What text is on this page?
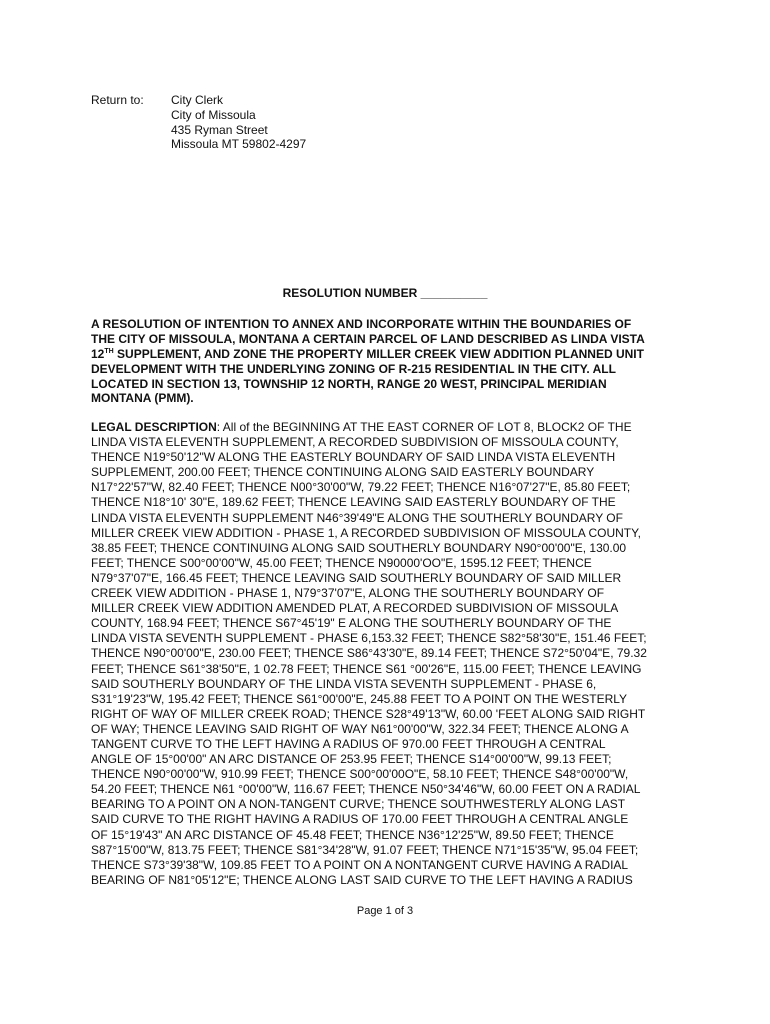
Return to:	City Clerk
City of Missoula
435 Ryman Street
Missoula MT 59802-4297
RESOLUTION NUMBER __________
A RESOLUTION OF INTENTION TO ANNEX AND INCORPORATE WITHIN THE BOUNDARIES OF
THE CITY OF MISSOULA, MONTANA A CERTAIN PARCEL OF LAND DESCRIBED AS LINDA VISTA
12TH SUPPLEMENT, AND ZONE THE PROPERTY MILLER CREEK VIEW ADDITION PLANNED UNIT
DEVELOPMENT WITH THE UNDERLYING ZONING OF R-215 RESIDENTIAL IN THE CITY. ALL
LOCATED IN SECTION 13, TOWNSHIP 12 NORTH, RANGE 20 WEST, PRINCIPAL MERIDIAN
MONTANA (PMM).
LEGAL DESCRIPTION: All of the BEGINNING AT THE EAST CORNER OF LOT 8, BLOCK2 OF THE
LINDA VISTA ELEVENTH SUPPLEMENT, A RECORDED SUBDIVISION OF MISSOULA COUNTY,
THENCE N19°50'12"W ALONG THE EASTERLY BOUNDARY OF SAID LINDA VISTA ELEVENTH
SUPPLEMENT, 200.00 FEET; THENCE CONTINUING ALONG SAID EASTERLY BOUNDARY
N17°22'57"W, 82.40 FEET; THENCE N00°30'00"W, 79.22 FEET; THENCE N16°07'27"E, 85.80 FEET;
THENCE N18°10' 30"E, 189.62 FEET; THENCE LEAVING SAID EASTERLY BOUNDARY OF THE
LINDA VISTA ELEVENTH SUPPLEMENT N46°39'49"E ALONG THE SOUTHERLY BOUNDARY OF
MILLER CREEK VIEW ADDITION - PHASE 1, A RECORDED SUBDIVISION OF MISSOULA COUNTY,
38.85 FEET; THENCE CONTINUING ALONG SAID SOUTHERLY BOUNDARY N90°00'00"E, 130.00
FEET; THENCE S00°00'00"W, 45.00 FEET; THENCE N90000'OO"E, 1595.12 FEET; THENCE
N79°37'07"E, 166.45 FEET; THENCE LEAVING SAID SOUTHERLY BOUNDARY OF SAID MILLER
CREEK VIEW ADDITION - PHASE 1, N79°37'07"E, ALONG THE SOUTHERLY BOUNDARY OF
MILLER CREEK VIEW ADDITION AMENDED PLAT, A RECORDED SUBDIVISION OF MISSOULA
COUNTY, 168.94 FEET; THENCE S67°45'19" E ALONG THE SOUTHERLY BOUNDARY OF THE
LINDA VISTA SEVENTH SUPPLEMENT - PHASE 6,153.32 FEET; THENCE S82°58'30"E, 151.46 FEET;
THENCE N90°00'00"E, 230.00 FEET; THENCE S86°43'30"E, 89.14 FEET; THENCE S72°50'04"E, 79.32
FEET; THENCE S61°38'50"E, 1 02.78 FEET; THENCE S61 °00'26"E, 115.00 FEET; THENCE LEAVING
SAID SOUTHERLY BOUNDARY OF THE LINDA VISTA SEVENTH SUPPLEMENT - PHASE 6,
S31°19'23"W, 195.42 FEET; THENCE S61°00'00"E, 245.88 FEET TO A POINT ON THE WESTERLY
RIGHT OF WAY OF MILLER CREEK ROAD; THENCE S28°49'13"W, 60.00 'FEET ALONG SAID RIGHT
OF WAY; THENCE LEAVING SAID RIGHT OF WAY N61°00'00"W, 322.34 FEET; THENCE ALONG A
TANGENT CURVE TO THE LEFT HAVING A RADIUS OF 970.00 FEET THROUGH A CENTRAL
ANGLE OF 15°00'00" AN ARC DISTANCE OF 253.95 FEET; THENCE S14°00'00"W, 99.13 FEET;
THENCE N90°00'00"W, 910.99 FEET; THENCE S00°00'00O"E, 58.10 FEET; THENCE S48°00'00"W,
54.20 FEET; THENCE N61 °00'00"W, 116.67 FEET; THENCE N50°34'46"W, 60.00 FEET ON A RADIAL
BEARING TO A POINT ON A NON-TANGENT CURVE; THENCE SOUTHWESTERLY ALONG LAST
SAID CURVE TO THE RIGHT HAVING A RADIUS OF 170.00 FEET THROUGH A CENTRAL ANGLE
OF 15°19'43" AN ARC DISTANCE OF 45.48 FEET; THENCE N36°12'25"W, 89.50 FEET; THENCE
S87°15'00"W, 813.75 FEET; THENCE S81°34'28"W, 91.07 FEET; THENCE N71°15'35"W, 95.04 FEET;
THENCE S73°39'38"W, 109.85 FEET TO A POINT ON A NONTANGENT CURVE HAVING A RADIAL
BEARING OF N81°05'12"E; THENCE ALONG LAST SAID CURVE TO THE LEFT HAVING A RADIUS
Page 1 of 3
